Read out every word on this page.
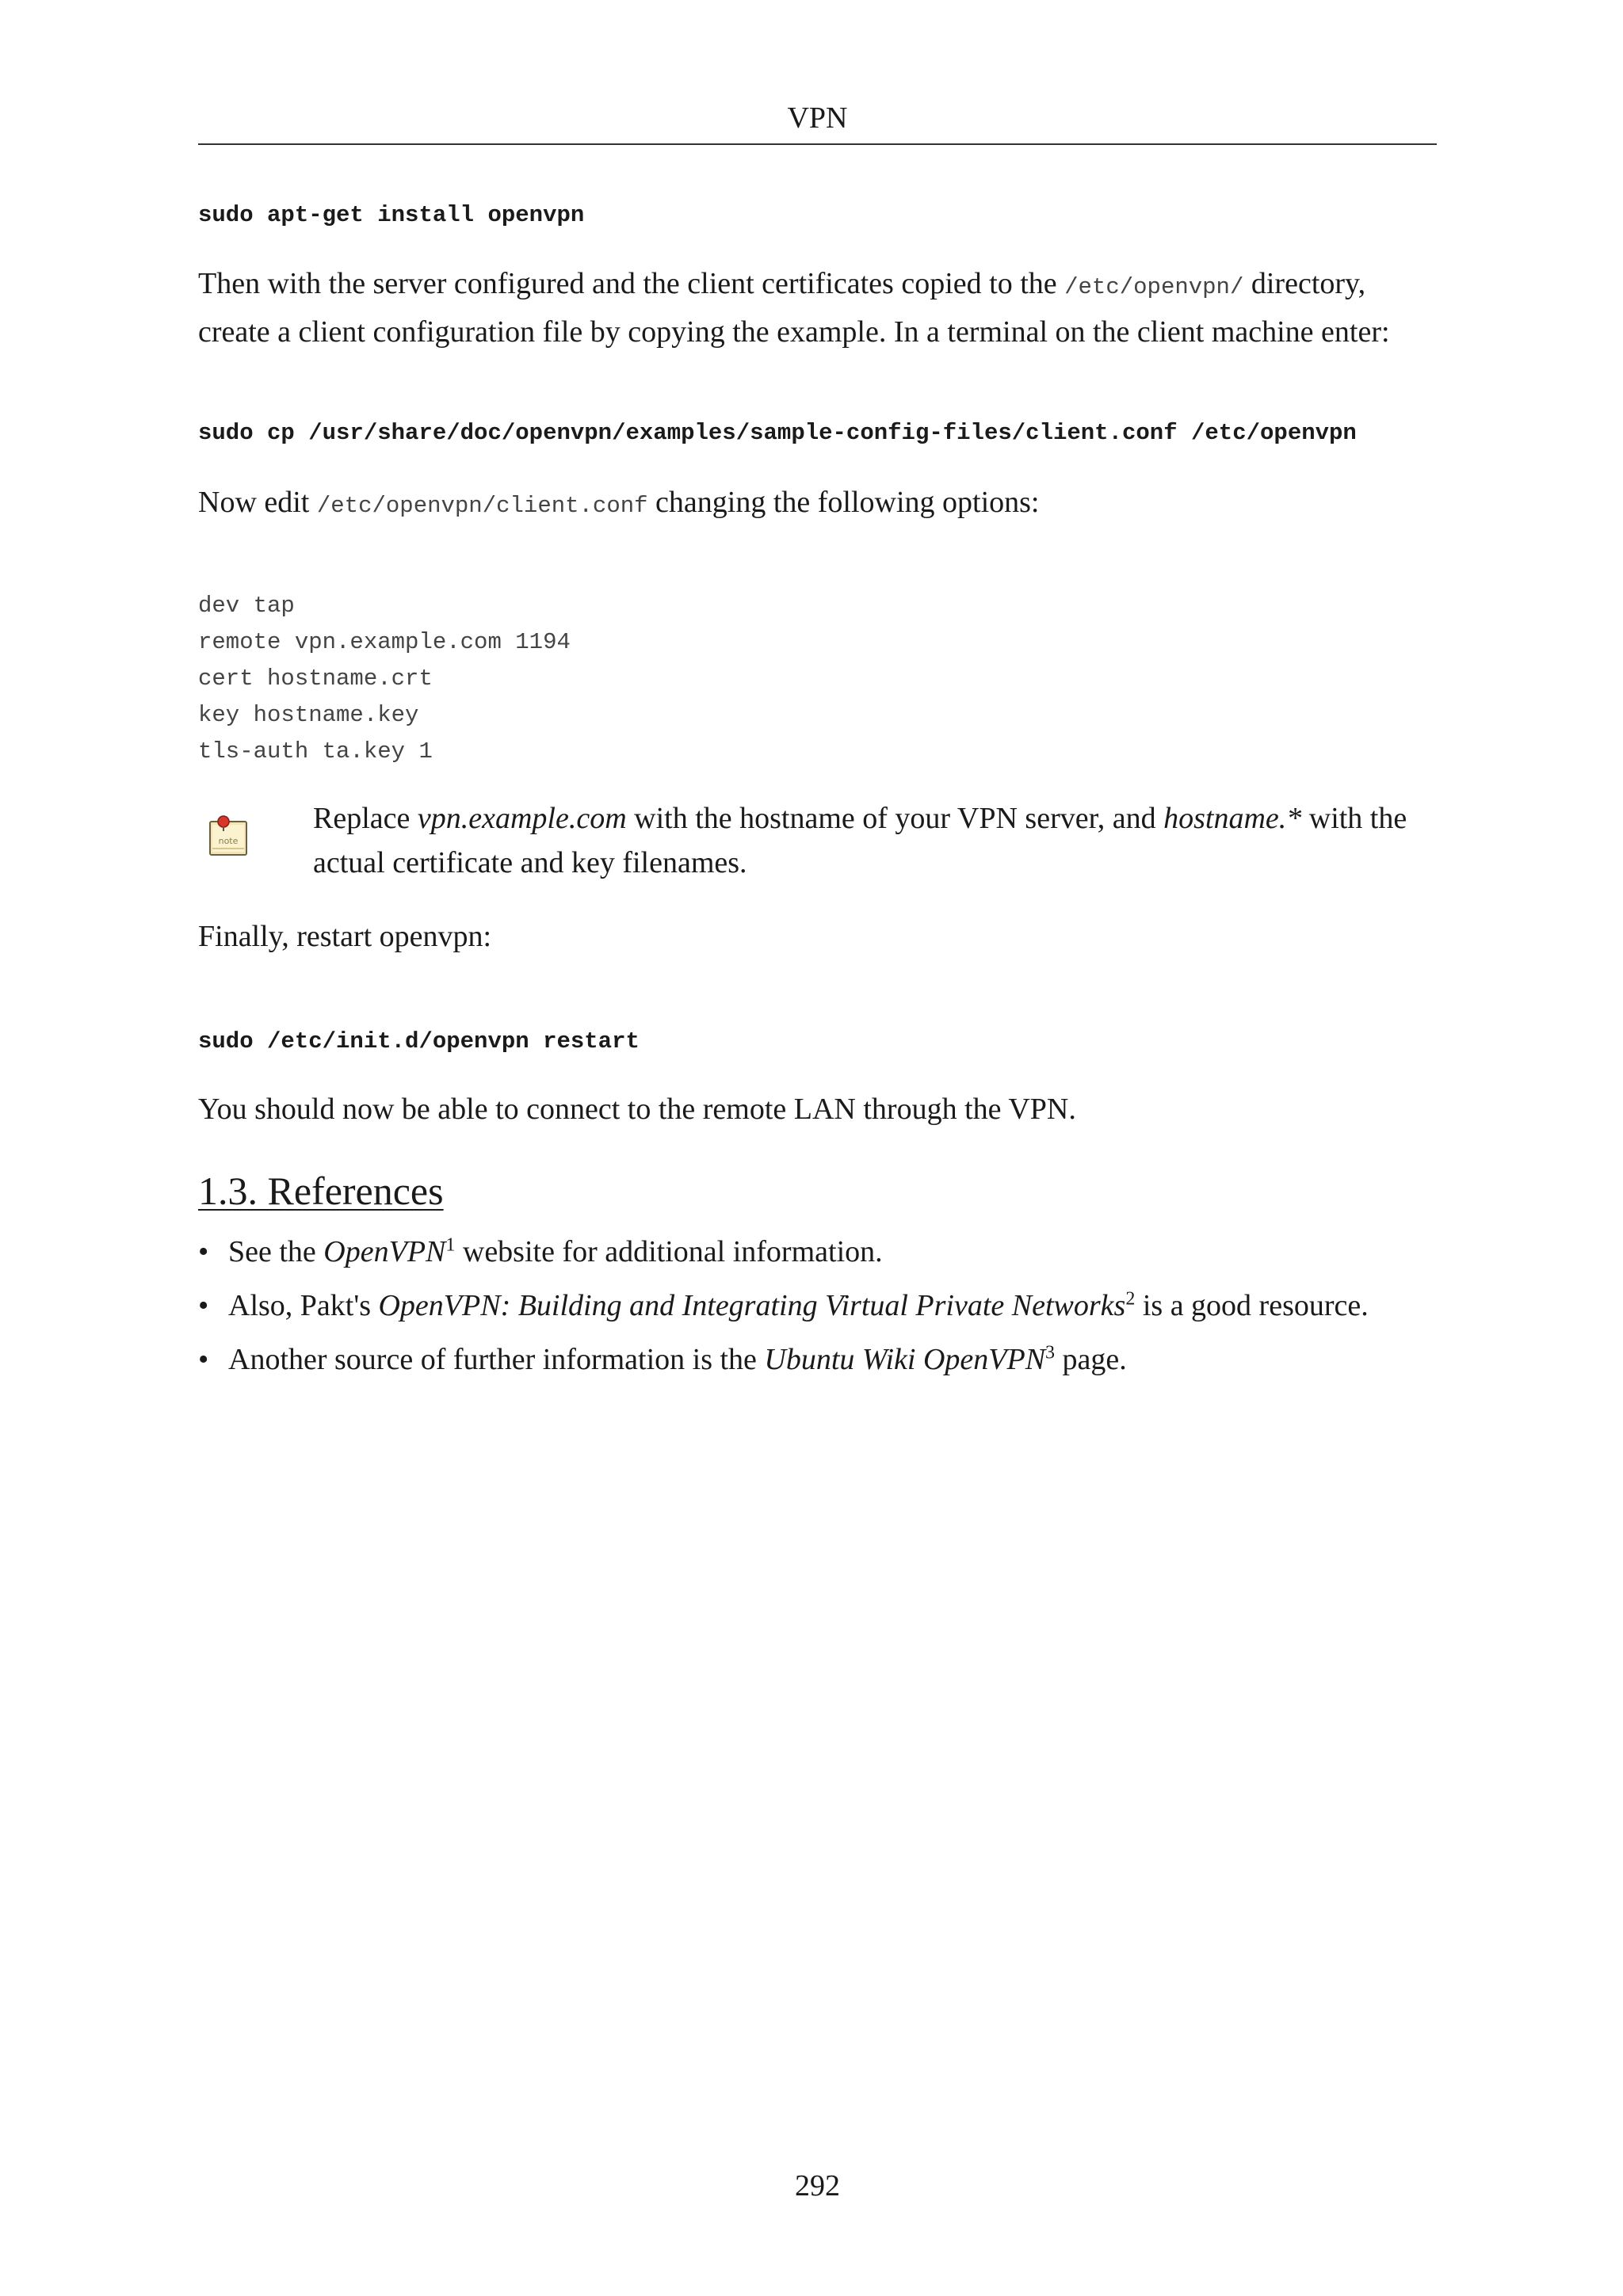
VPN
sudo apt-get install openvpn
Then with the server configured and the client certificates copied to the /etc/openvpn/ directory, create a client configuration file by copying the example. In a terminal on the client machine enter:
sudo cp /usr/share/doc/openvpn/examples/sample-config-files/client.conf /etc/openvpn
Now edit /etc/openvpn/client.conf changing the following options:
dev tap
remote vpn.example.com 1194
cert hostname.crt
key hostname.key
tls-auth ta.key 1
note
Replace vpn.example.com with the hostname of your VPN server, and hostname.* with the actual certificate and key filenames.
Finally, restart openvpn:
sudo /etc/init.d/openvpn restart
You should now be able to connect to the remote LAN through the VPN.
1.3. References
• See the OpenVPN$^1$ website for additional information.
• Also, Pakt's OpenVPN: Building and Integrating Virtual Private Networks$^2$ is a good resource.
• Another source of further information is the Ubuntu Wiki OpenVPN$^3$ page.
292
